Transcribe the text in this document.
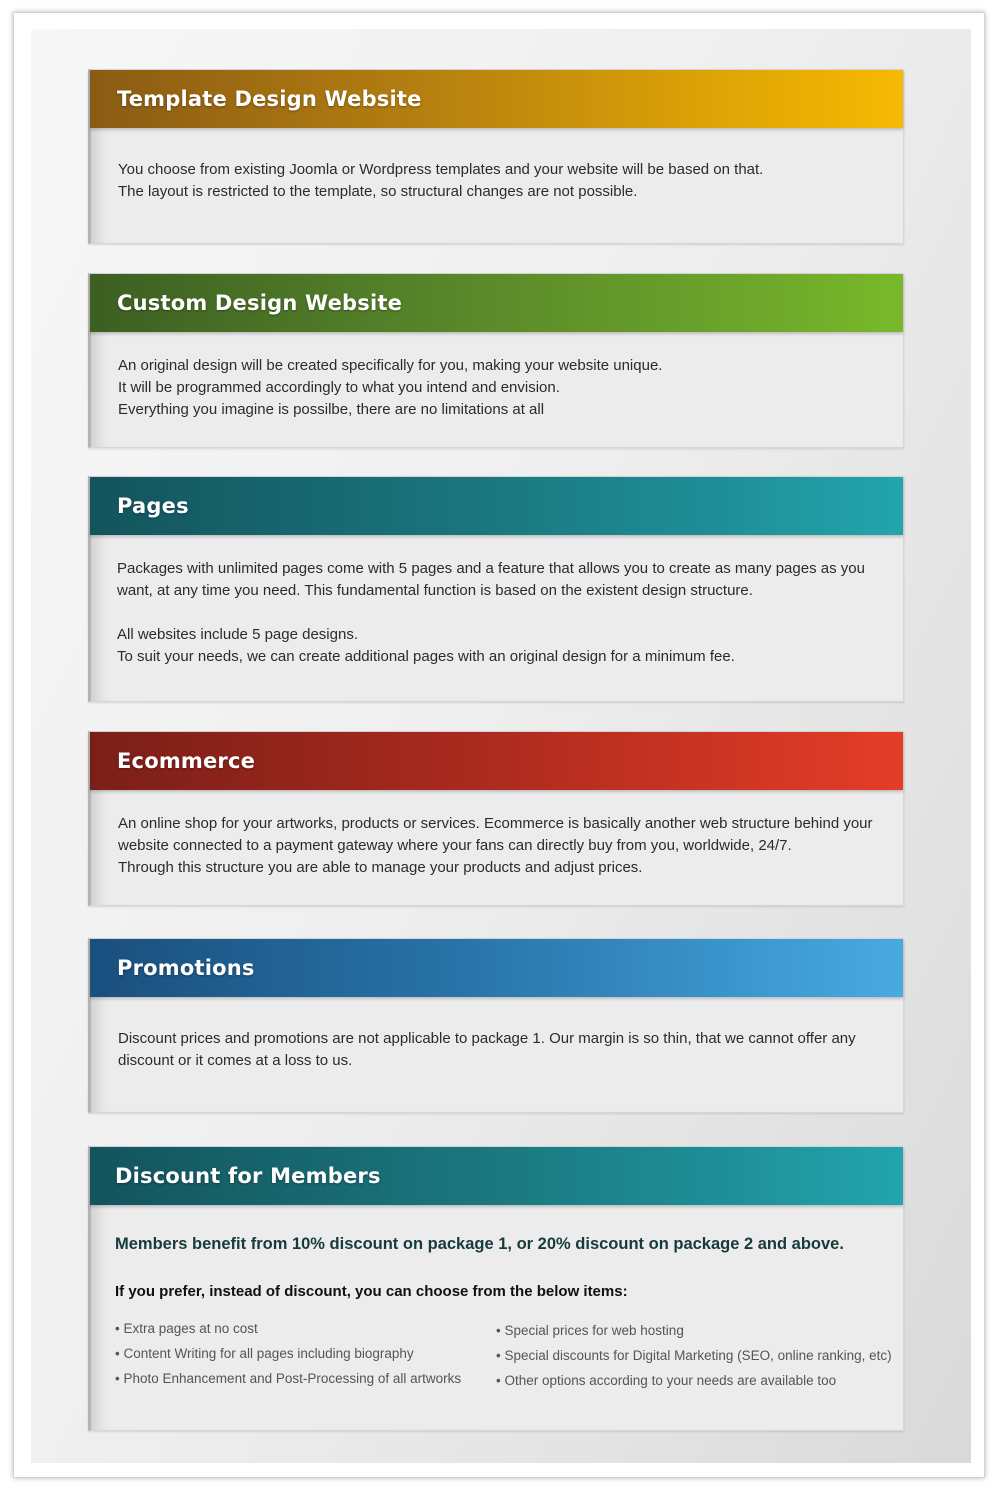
Template Design Website

You choose from existing Joomla or Wordpress templates and your website will be based on that.

The layout is restricted to the template, so structural changes are not possible.

Custom Design Website

An original design will be created specifically for you, making your website unique.

It will be programmed accordingly to what you intend and envision.

Everything you imagine is possilbe, there are no limitations at all

Pages

Packages with unlimited pages come with 5 pages and a feature that allows you to create as many pages as you

want, at any time you need. This fundamental function is based on the existent design structure.

All websites include 5 page designs.

To suit your needs, we can create additional pages with an original design for a minimum fee.

Ecommerce

An online shop for your artworks, products or services. Ecommerce is basically another web structure behind your

website connected to a payment gateway where your fans can directly buy from you, worldwide, 24/7.

Through this structure you are able to manage your products and adjust prices.

Promotions

Discount prices and promotions are not applicable to package 1. Our margin is so thin, that we cannot offer any

discount or it comes at a loss to us.

Discount for Members

Members benefit from 10% discount on package 1, or 20% discount on package 2 and above.

If you prefer, instead of discount, you can choose from the below items:

• Extra pages at no cost
• Content Writing for all pages including biography
• Photo Enhancement and Post-Processing of all artworks
• Special prices for web hosting
• Special discounts for Digital Marketing (SEO, online ranking, etc)
• Other options according to your needs are available too
